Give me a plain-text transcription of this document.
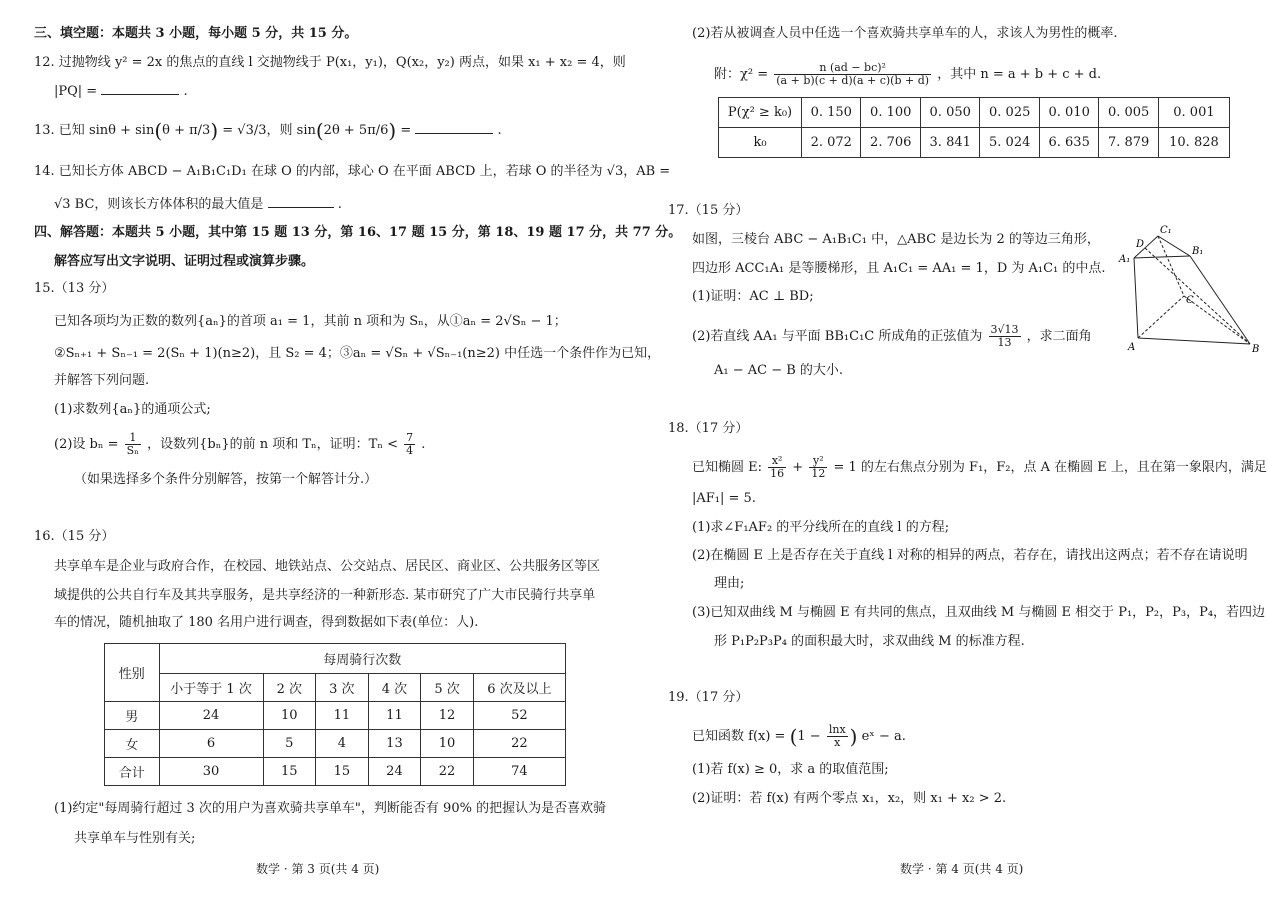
三、填空题：本题共 3 小题，每小题 5 分，共 15 分。
12. 过抛物线 y² = 2x 的焦点的直线 l 交抛物线于 P(x₁，y₁)，Q(x₂，y₂) 两点，如果 x₁ + x₂ = 4，则
|PQ| =	.
13. 已知 sinθ + sin(θ + π/3) = √3/3，则 sin(2θ + 5π/6) =	.
14. 已知长方体 ABCD − A₁B₁C₁D₁ 在球 O 的内部，球心 O 在平面 ABCD 上，若球 O 的半径为 √3，AB =
√3 BC，则该长方体体积的最大值是	.
四、解答题：本题共 5 小题，其中第 15 题 13 分，第 16、17 题 15 分，第 18、19 题 17 分，共 77 分。
解答应写出文字说明、证明过程或演算步骤。
15.（13 分）
已知各项均为正数的数列{aₙ}的首项 a₁ = 1，其前 n 项和为 Sₙ，从①aₙ = 2√Sₙ − 1；
②Sₙ₊₁ + Sₙ₋₁ = 2(Sₙ + 1)(n≥2)，且 S₂ = 4；③aₙ = √Sₙ + √Sₙ₋₁(n≥2) 中任选一个条件作为已知，
并解答下列问题.
(1)求数列{aₙ}的通项公式;
(2)设 $b_n = \frac{1}{\text{Sₙ}}$ ，设数列{bₙ}的前 n 项和 Tₙ，证明：$T_n < \frac{7}{4}$ .
（如果选择多个条件分别解答，按第一个解答计分.）
16.（15 分）
共享单车是企业与政府合作，在校园、地铁站点、公交站点、居民区、商业区、公共服务区等区
域提供的公共自行车及其共享服务，是共享经济的一种新形态. 某市研究了广大市民骑行共享单
车的情况，随机抽取了 180 名用户进行调查，得到数据如下表(单位：人).
性别	每周骑行次数					
	小于等于 1 次	2 次	3 次	4 次	5 次	6 次及以上
男	24	10	11	11	12	52
女	6	5	4	13	10	22
合计	30	15	15	24	22	74
(1)约定"每周骑行超过 3 次的用户为喜欢骑共享单车"，判断能否有 90% 的把握认为是否喜欢骑
共享单车与性别有关;
数学 · 第 3 页(共 4 页)
(2)若从被调查人员中任选一个喜欢骑共享单车的人，求该人为男性的概率.
附：$\chi^2 = \frac{\text{n (ad − bc)²}}{(a + b)(c + d)(a + c)(b + d)}$ ，其中 n = a + b + c + d.
P(χ² ≥ k₀)	0. 150	0. 100	0. 050	0. 025	0. 010	0. 005	0. 001
k₀	2. 072	2. 706	3. 841	5. 024	6. 635	7. 879	10. 828
17.（15 分）
如图，三棱台 ABC − A₁B₁C₁ 中，△ABC 是边长为 2 的等边三角形，
四边形 ACC₁A₁ 是等腰梯形，且 A₁C₁ = AA₁ = 1，D 为 A₁C₁ 的中点.
(1)证明：AC ⊥ BD;
(2)若直线 AA₁ 与平面 BB₁C₁C 所成角的正弦值为 $\frac{3√13}{13}$ ，求二面角
A₁ − AC − B 的大小.
C₁
D
B₁
A₁
C
A	B
18.（17 分）
已知椭圆 E: $\frac{\text{x²}}{16} + \frac{\text{y²}}{12} = 1$ 的左右焦点分别为 F₁，F₂，点 A 在椭圆 E 上，且在第一象限内，满足
|AF₁| = 5.
(1)求∠F₁AF₂ 的平分线所在的直线 l 的方程;
(2)在椭圆 E 上是否存在关于直线 l 对称的相异的两点，若存在，请找出这两点；若不存在请说明
理由;
(3)已知双曲线 M 与椭圆 E 有共同的焦点，且双曲线 M 与椭圆 E 相交于 P₁，P₂，P₃，P₄，若四边
形 P₁P₂P₃P₄ 的面积最大时，求双曲线 M 的标准方程.
19.（17 分）
已知函数 $f(x) = (1 - \frac{\ln x}{x}$ ) eˣ − a.
(1)若 f(x) ≥ 0，求 a 的取值范围;
(2)证明：若 f(x) 有两个零点 x₁，x₂，则 x₁ + x₂ > 2.
数学 · 第 4 页(共 4 页)
